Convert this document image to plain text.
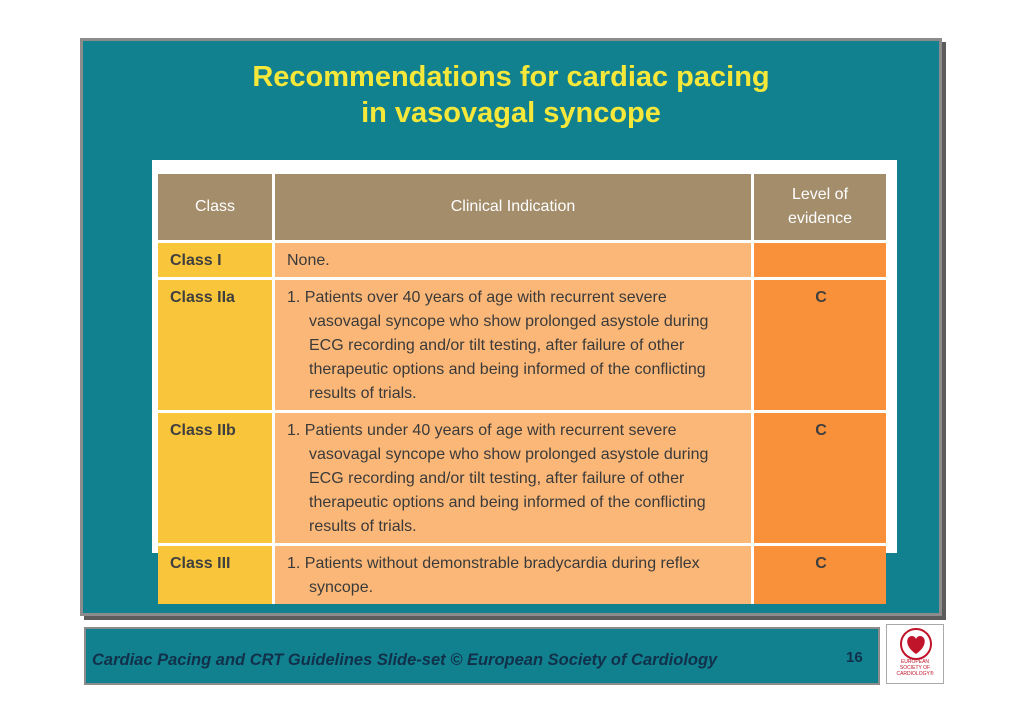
Recommendations for cardiac pacing
in vasovagal syncope
Class	Clinical Indication	Level of
evidence
Class I	None.	

Class IIa	1. Patients over 40 years of age with recurrent severe vasovagal syncope who show prolonged asystole during ECG recording and/or tilt testing, after failure of other therapeutic options and being informed of the conflicting results of trials.	C
Class IIb	1. Patients under 40 years of age with recurrent severe vasovagal syncope who show prolonged asystole during ECG recording and/or tilt testing, after failure of other therapeutic options and being informed of the conflicting results of trials.	C
Class III	1. Patients without demonstrable bradycardia during reflex syncope.	C
Cardiac Pacing and CRT Guidelines Slide-set © European Society of Cardiology	16	EUROPEAN
SOCIETY OF
CARDIOLOGY®
